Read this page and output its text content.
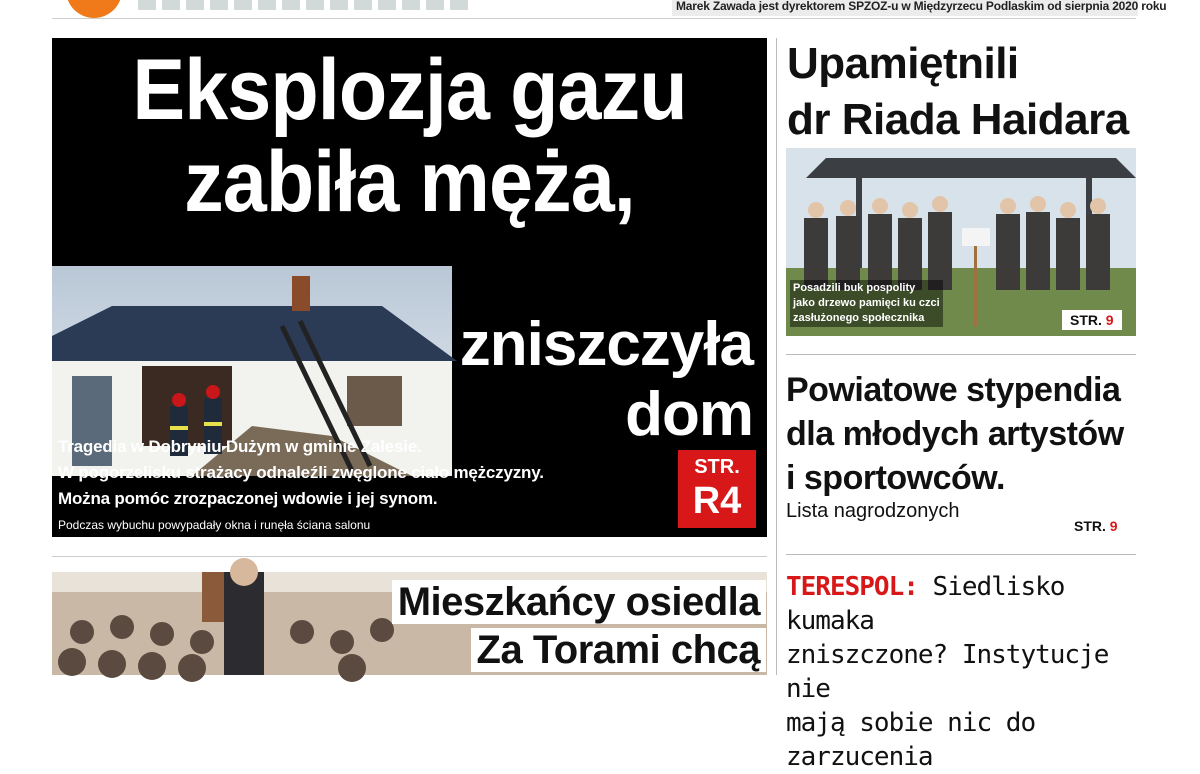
Marek Zawada jest dyrektorem SPZOZ-u w Międzyrzecu Podlaskim od sierpnia 2020 roku
Eksplozja gazu
zabiła męża,
zniszczyła
dom
Tragedia w Dobryniu Dużym w gminie Zalesie.
W pogorzelisku strażacy odnaleźli zwęglone ciało mężczyzny.
Można pomóc zrozpaczonej wdowie i jej synom.
Podczas wybuchu powypadały okna i runęła ściana salonu
STR.
R4
Upamiętnili
dr Riada Haidara
Posadzili buk pospolity
jako drzewo pamięci ku czci
zasłużonego społecznika	STR. 9
Powiatowe stypendia
dla młodych artystów
i sportowców.
Lista nagrodzonych
STR. 9
TERESPOL: Siedlisko kumaka
zniszczone? Instytucje nie
mają sobie nic do zarzucenia
Mieszkańcy osiedla
Za Torami chcą
